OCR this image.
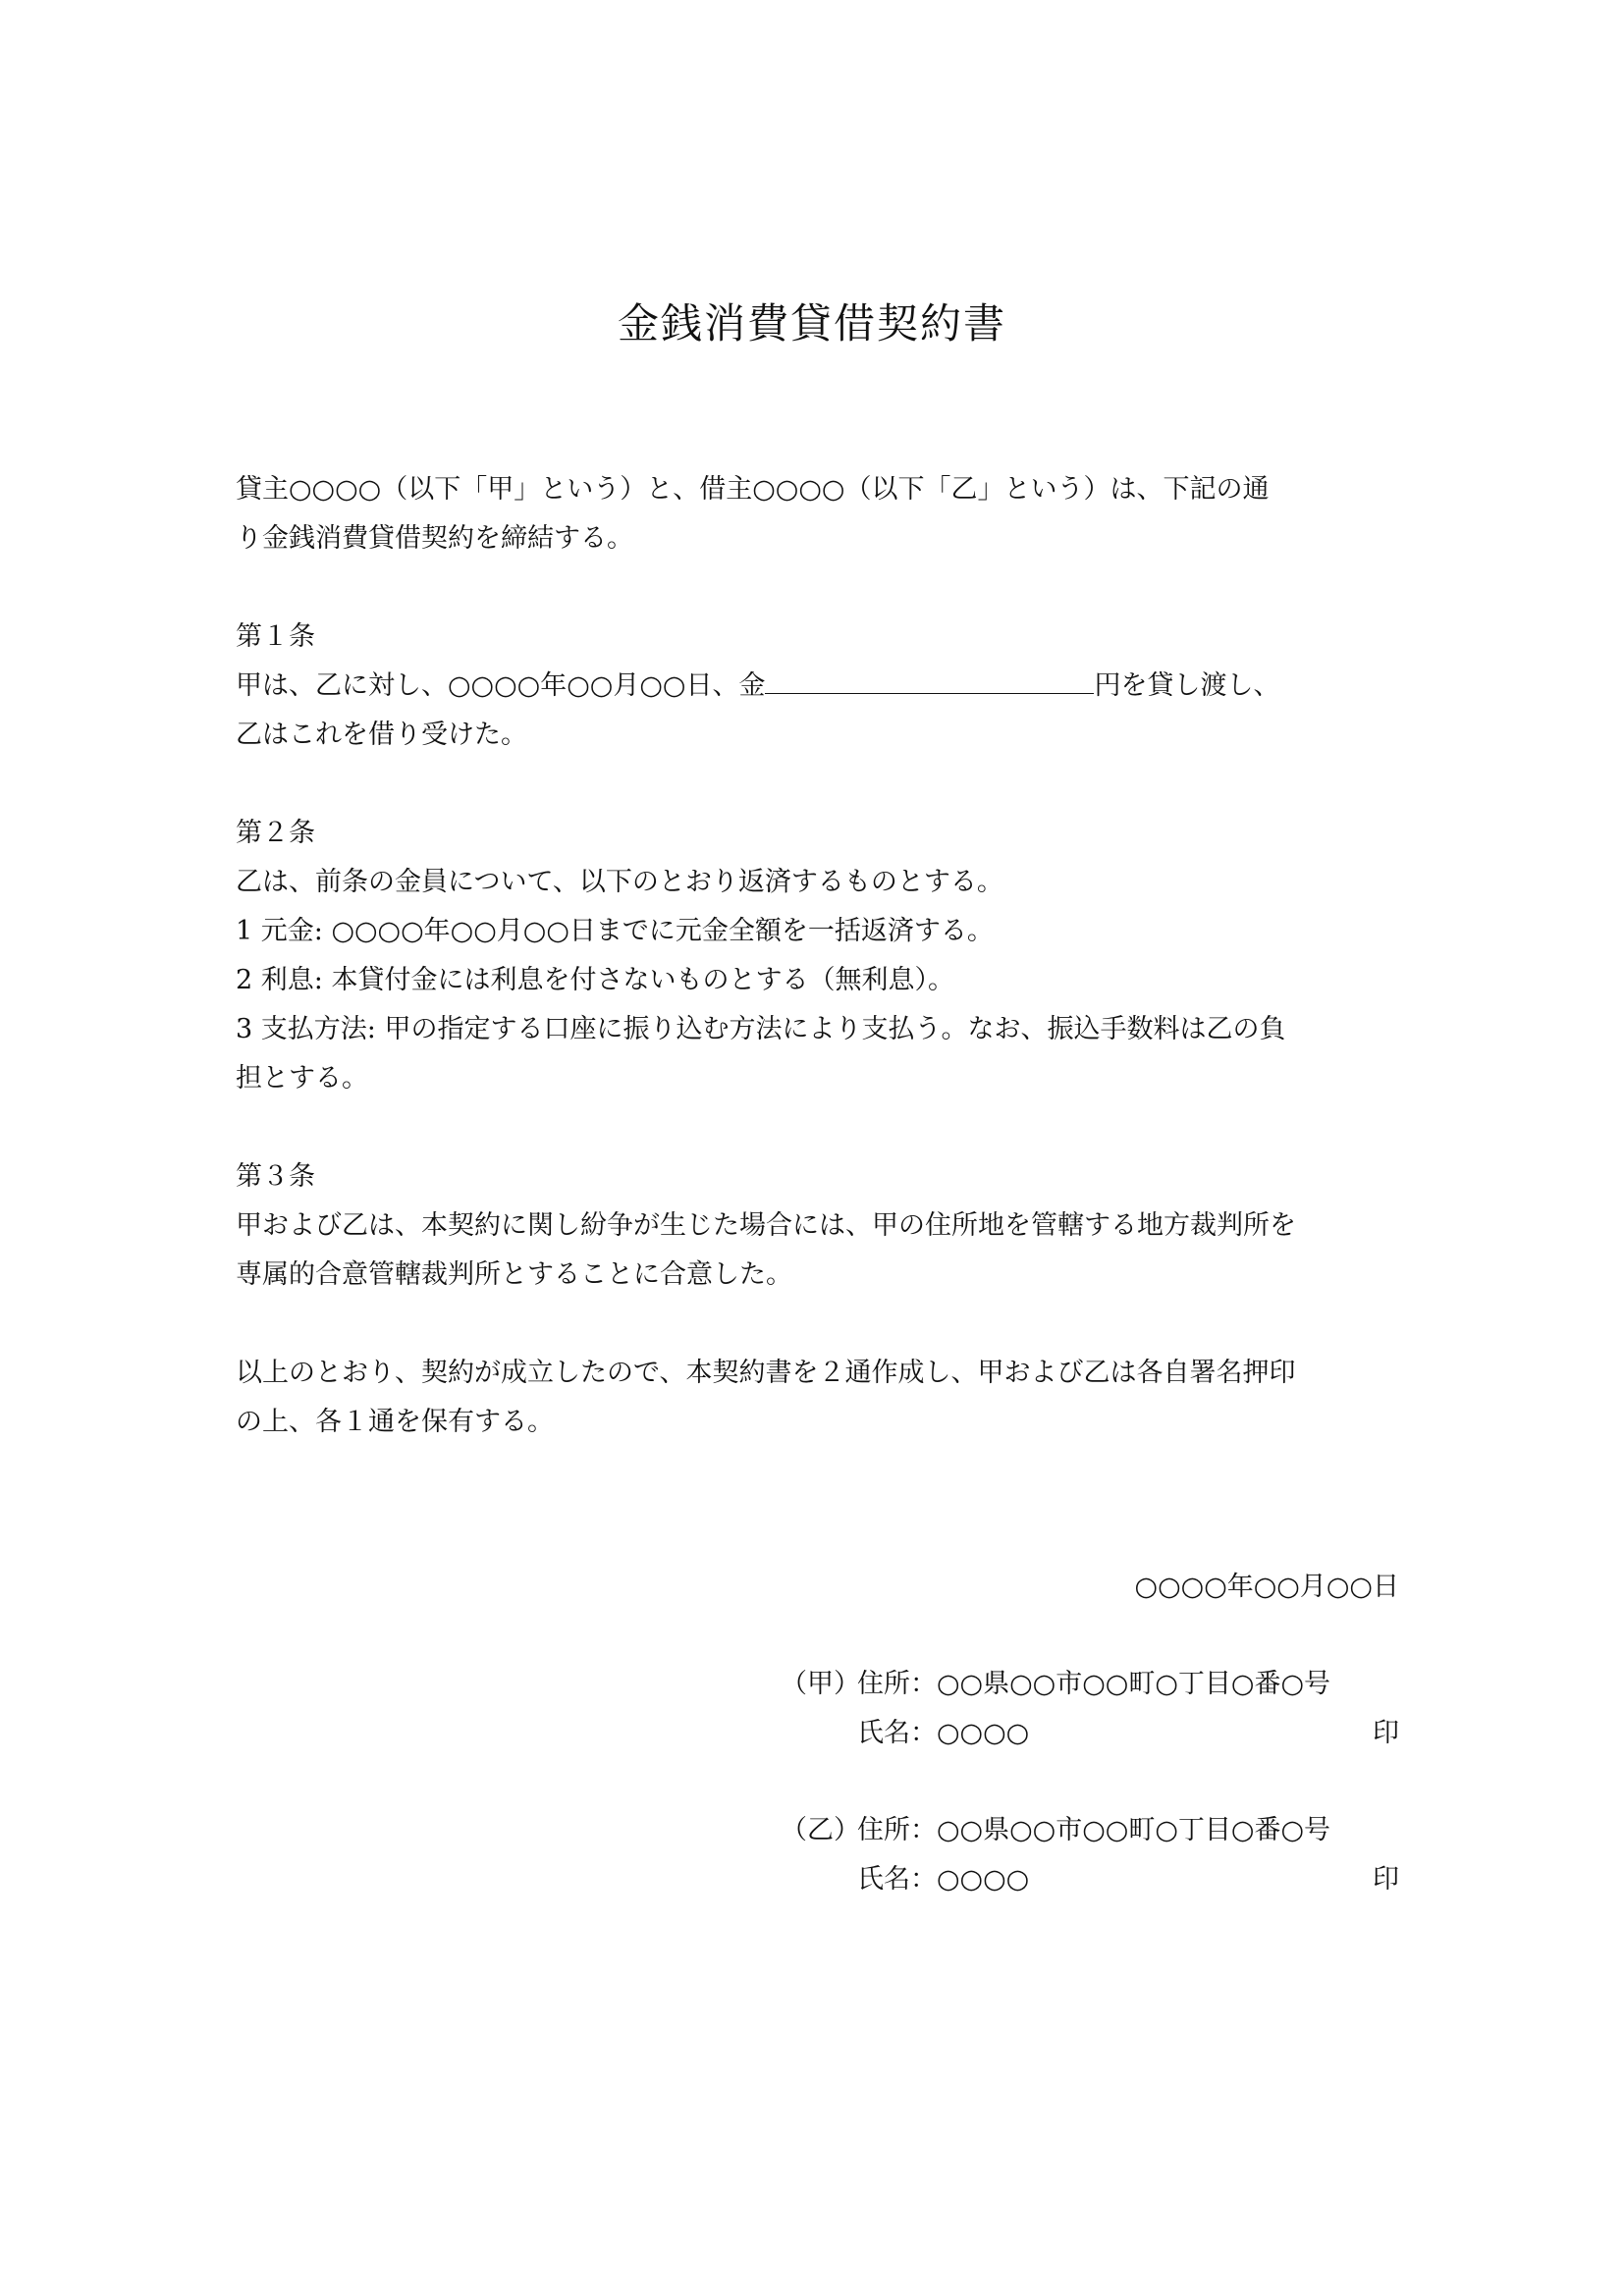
金銭消費貸借契約書

貸主○○○○（以下「甲」という）と、借主○○○○（以下「乙」という）は、下記の通

り金銭消費貸借契約を締結する。

第１条

甲は、乙に対し、○○○○年○○月○○日、金	円を貸し渡し、

乙はこれを借り受けた。

第２条

乙は、前条の金員について、以下のとおり返済するものとする。

1 元金: ○○○○年○○月○○日までに元金全額を一括返済する。

2 利息: 本貸付金には利息を付さないものとする（無利息）。

3 支払方法: 甲の指定する口座に振り込む方法により支払う。なお、振込手数料は乙の負

担とする。

第３条

甲および乙は、本契約に関し紛争が生じた場合には、甲の住所地を管轄する地方裁判所を

専属的合意管轄裁判所とすることに合意した。

以上のとおり、契約が成立したので、本契約書を２通作成し、甲および乙は各自署名押印

の上、各１通を保有する。

○○○○年○○月○○日
（甲）
住所： ○○県○○市○○町○丁目○番○号
氏名： ○○○○	印
（乙）
住所： ○○県○○市○○町○丁目○番○号
氏名： ○○○○	印
